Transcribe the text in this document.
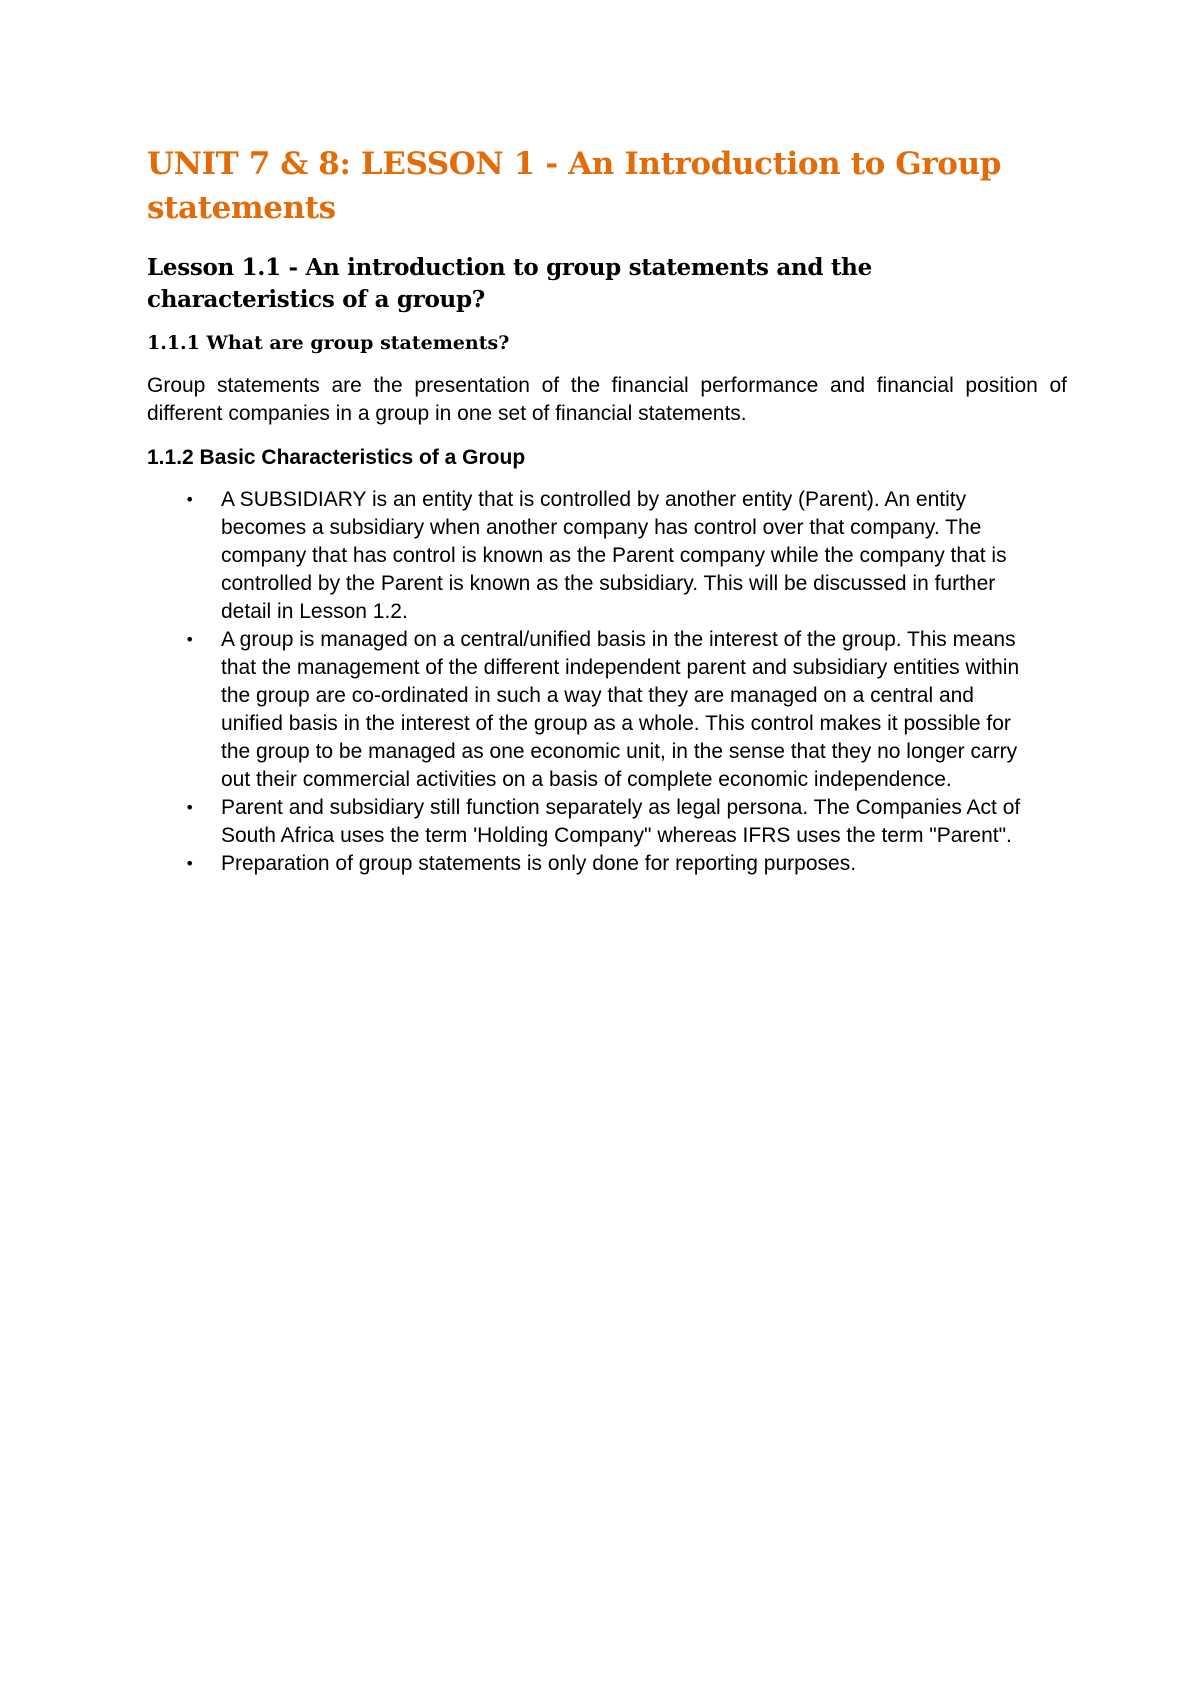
UNIT 7 & 8: LESSON 1 - An Introduction to Group statements
Lesson 1.1 - An introduction to group statements and the characteristics of a group?
1.1.1 What are group statements?

Group statements are the presentation of the financial performance and financial position of different companies in a group in one set of financial statements.

1.1.2 Basic Characteristics of a Group
• A SUBSIDIARY is an entity that is controlled by another entity (Parent). An entity becomes a subsidiary when another company has control over that company. The company that has control is known as the Parent company while the company that is controlled by the Parent is known as the subsidiary. This will be discussed in further detail in Lesson 1.2.
• A group is managed on a central/unified basis in the interest of the group. This means that the management of the different independent parent and subsidiary entities within the group are co-ordinated in such a way that they are managed on a central and unified basis in the interest of the group as a whole. This control makes it possible for the group to be managed as one economic unit, in the sense that they no longer carry out their commercial activities on a basis of complete economic independence.
• Parent and subsidiary still function separately as legal persona. The Companies Act of South Africa uses the term 'Holding Company" whereas IFRS uses the term "Parent".
• Preparation of group statements is only done for reporting purposes.
